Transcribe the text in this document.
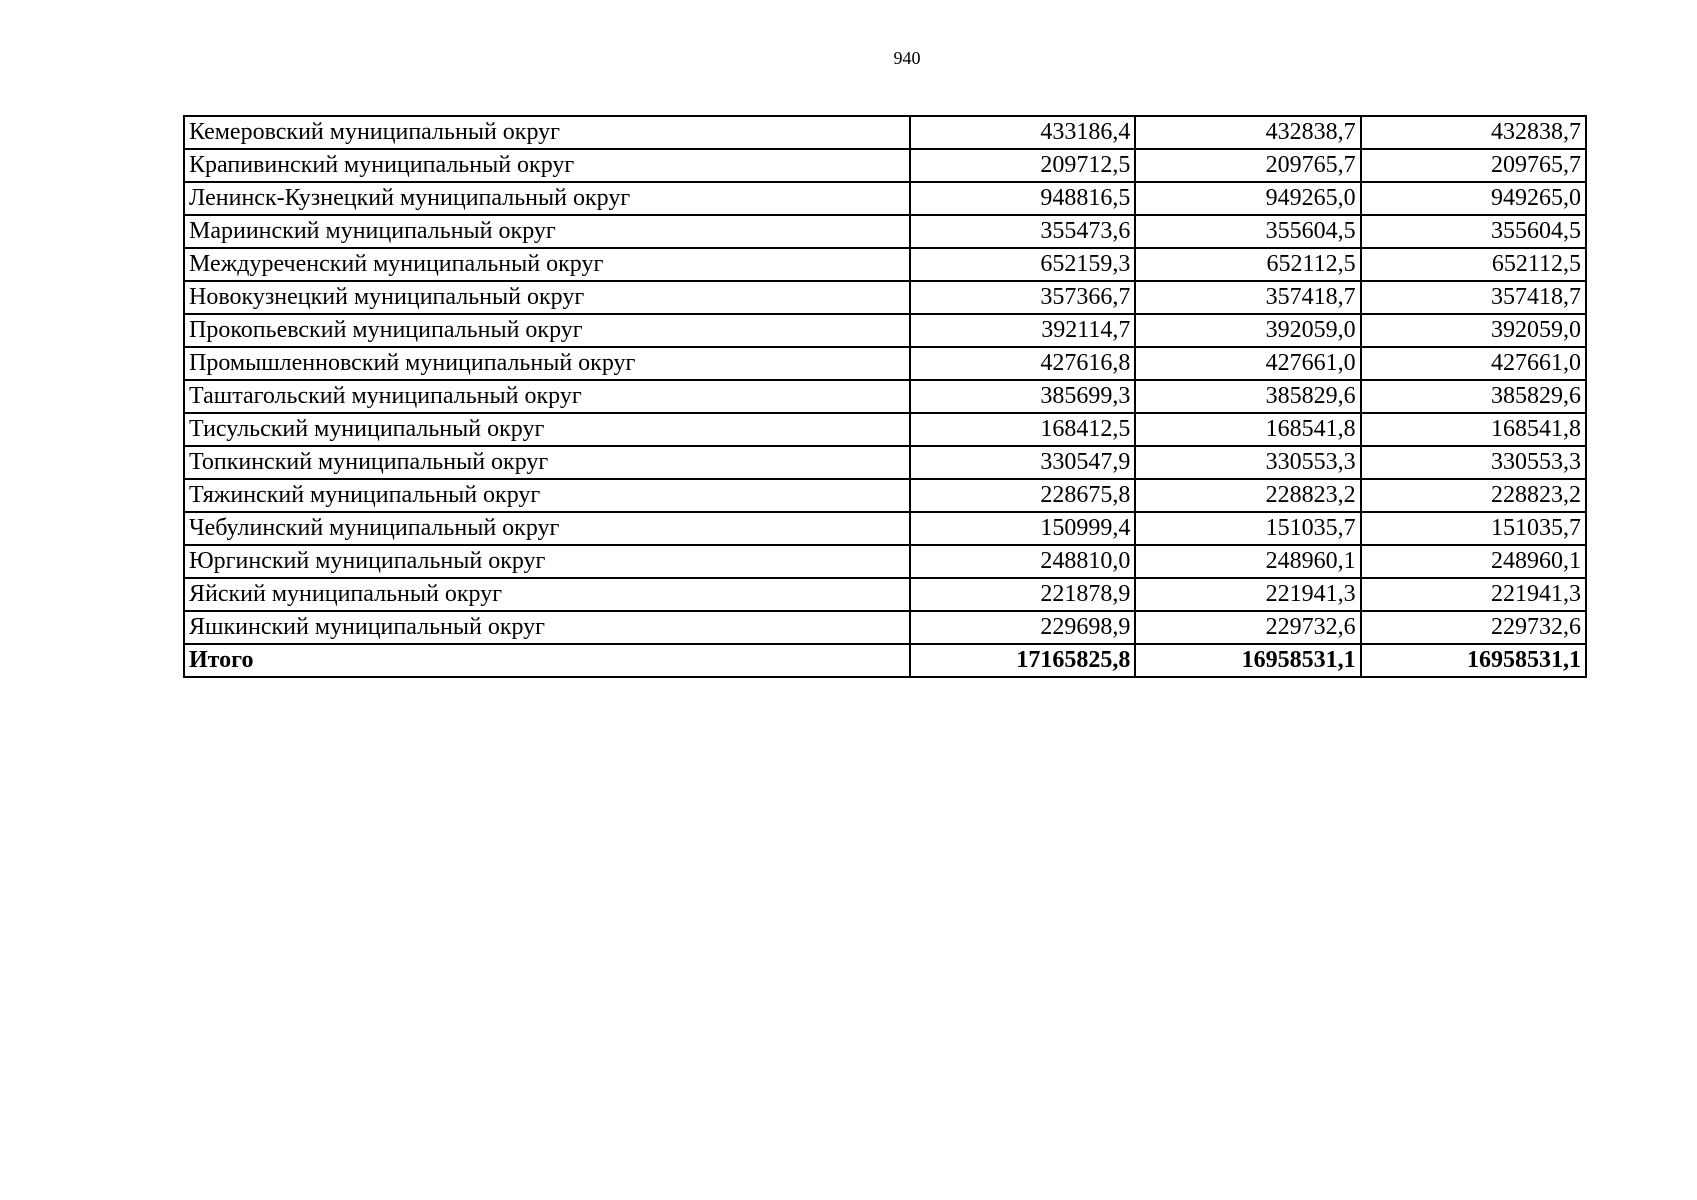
940
Кемеровский муниципальный округ	433186,4	432838,7	432838,7
Крапивинский муниципальный округ	209712,5	209765,7	209765,7
Ленинск-Кузнецкий муниципальный округ	948816,5	949265,0	949265,0
Мариинский муниципальный округ	355473,6	355604,5	355604,5
Междуреченский муниципальный округ	652159,3	652112,5	652112,5
Новокузнецкий муниципальный округ	357366,7	357418,7	357418,7
Прокопьевский муниципальный округ	392114,7	392059,0	392059,0
Промышленновский муниципальный округ	427616,8	427661,0	427661,0
Таштагольский муниципальный округ	385699,3	385829,6	385829,6
Тисульский муниципальный округ	168412,5	168541,8	168541,8
Топкинский муниципальный округ	330547,9	330553,3	330553,3
Тяжинский муниципальный округ	228675,8	228823,2	228823,2
Чебулинский муниципальный округ	150999,4	151035,7	151035,7
Юргинский муниципальный округ	248810,0	248960,1	248960,1
Яйский муниципальный округ	221878,9	221941,3	221941,3
Яшкинский муниципальный округ	229698,9	229732,6	229732,6
Итого	17165825,8	16958531,1	16958531,1
